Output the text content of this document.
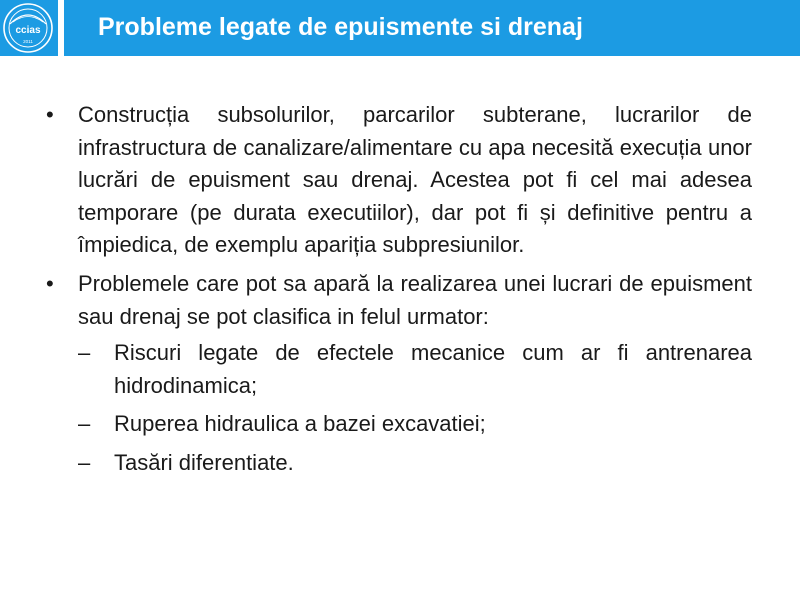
ccias
2011
Probleme legate de epuismente si drenaj
•	Construcția subsolurilor, parcarilor subterane, lucrarilor de infrastructura de canalizare/alimentare cu apa necesită execuția unor lucrări de epuisment sau drenaj. Acestea pot fi cel mai adesea temporare (pe durata executiilor), dar pot fi și definitive pentru a împiedica, de exemplu apariția subpresiunilor.
•	Problemele care pot sa apară la realizarea unei lucrari de epuisment sau drenaj se pot clasifica in felul urmator:
–	Riscuri legate de efectele mecanice cum ar fi antrenarea hidrodinamica;
–	Ruperea hidraulica a bazei excavatiei;
–	Tasări diferentiate.
